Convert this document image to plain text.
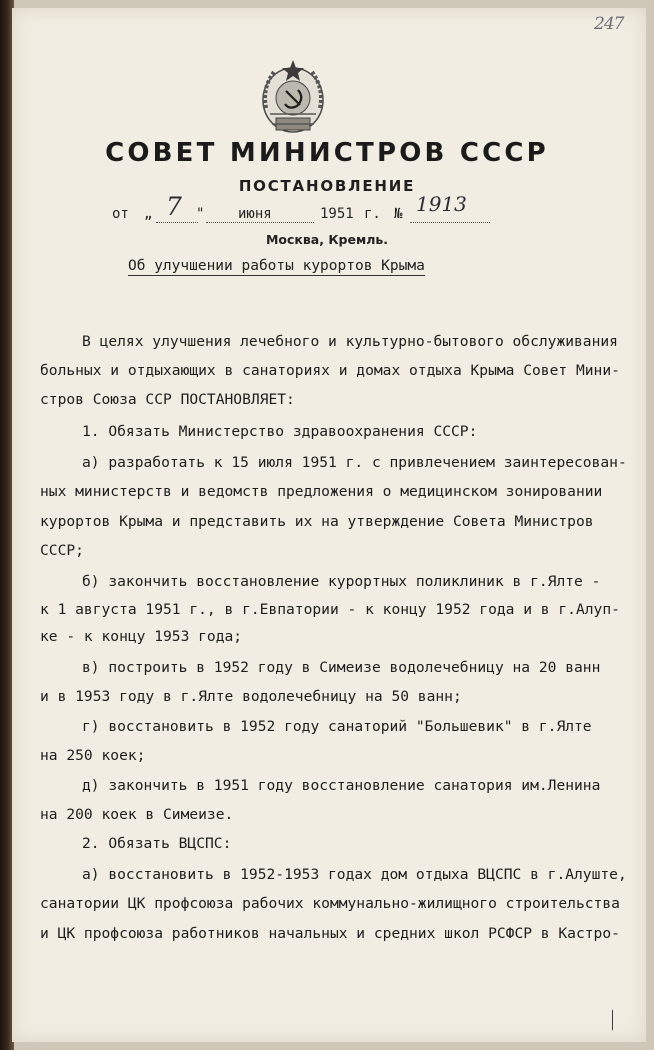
247
СОВЕТ МИНИСТРОВ СССР
ПОСТАНОВЛЕНИЕ
от „ 7 " июня	1951 г. № 1913
Москва, Кремль.
Об улучшении работы курортов Крыма
В целях улучшения лечебного и культурно-бытового обслуживания
больных и отдыхающих в санаториях и домах отдыха Крыма Совет Мини-
стров Союза ССР ПОСТАНОВЛЯЕТ:
1. Обязать Министерство здравоохранения СССР:
а) разработать к 15 июля 1951 г. с привлечением заинтересован-
ных министерств и ведомств предложения о медицинском зонировании
курортов Крыма и представить их на утверждение Совета Министров
СССР;
б) закончить восстановление курортных поликлиник в г.Ялте -
к 1 августа 1951 г., в г.Евпатории - к концу 1952 года и в г.Алуп-
ке - к концу 1953 года;
в) построить в 1952 году в Симеизе водолечебницу на 20 ванн
и в 1953 году в г.Ялте водолечебницу на 50 ванн;
г) восстановить в 1952 году санаторий "Большевик" в г.Ялте
на 250 коек;
д) закончить в 1951 году восстановление санатория им.Ленина
на 200 коек в Симеизе.
2. Обязать ВЦСПС:
а) восстановить в 1952-1953 годах дом отдыха ВЦСПС в г.Алуште,
санатории ЦК профсоюза рабочих коммунально-жилищного строительства
и ЦК профсоюза работников начальных и средних школ РСФСР в Кастро-
